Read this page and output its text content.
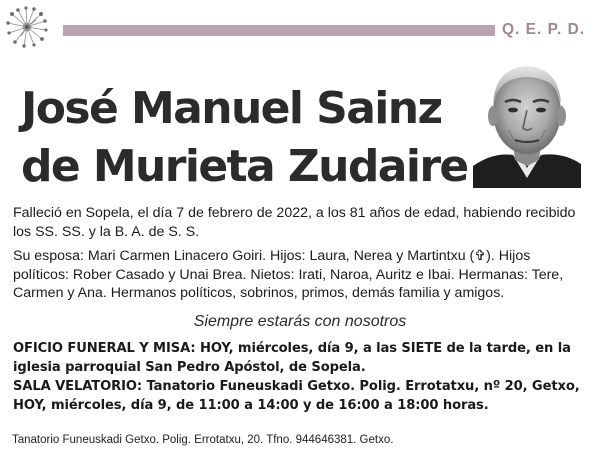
Q. E. P. D.
José Manuel Sainz
de Murieta Zudaire

Falleció en Sopela, el día 7 de febrero de 2022, a los 81 años de edad, habiendo recibido los SS. SS. y la B. A. de S. S.

Su esposa: Mari Carmen Linacero Goiri. Hijos: Laura, Nerea y Martintxu (✞). Hijos políticos: Rober Casado y Unai Brea. Nietos: Irati, Naroa, Auritz e Ibai. Hermanas: Tere, Carmen y Ana. Hermanos políticos, sobrinos, primos, demás familia y amigos.

Siempre estarás con nosotros

OFICIO FUNERAL Y MISA: HOY, miércoles, día 9, a las SIETE de la tarde, en la iglesia parroquial San Pedro Apóstol, de Sopela.

SALA VELATORIO: Tanatorio Funeuskadi Getxo. Polig. Errotatxu, nº 20, Getxo, HOY, miércoles, día 9, de 11:00 a 14:00 y de 16:00 a 18:00 horas.

Tanatorio Funeuskadi Getxo. Polig. Errotatxu, 20. Tfno. 944646381. Getxo.
